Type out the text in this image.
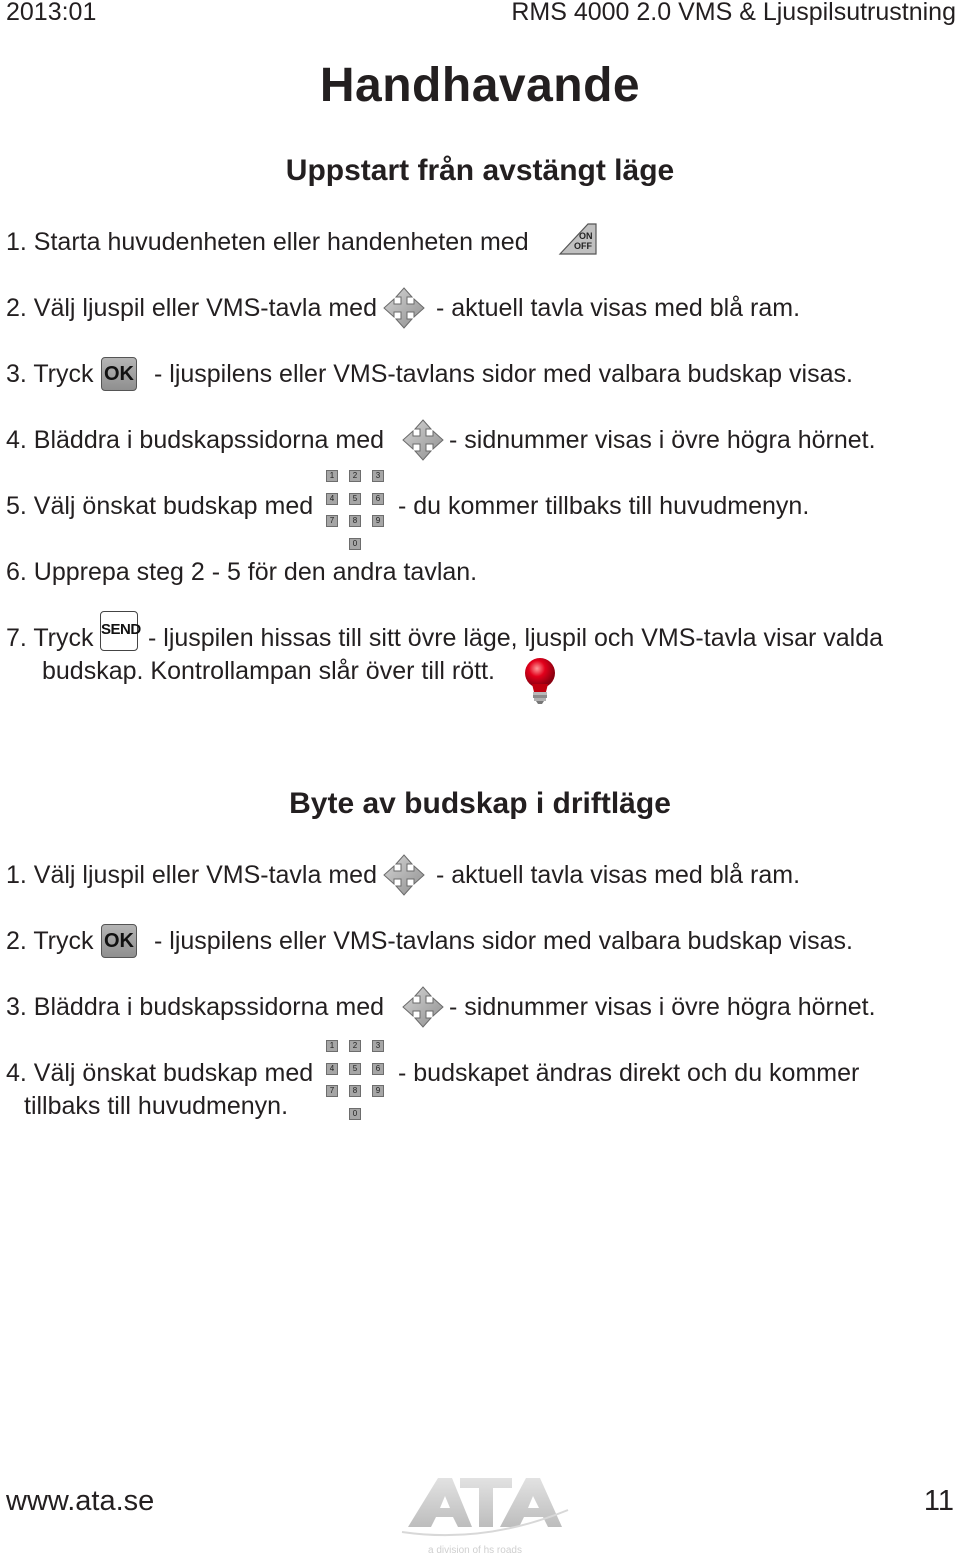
2013:01	RMS 4000 2.0 VMS & Ljuspilsutrustning
Handhavande
Uppstart från avstängt läge
1. Starta huvudenheten eller handenheten med	ON
OFF
2. Välj ljuspil eller VMS-tavla med - aktuell tavla visas med blå ram.
3. Tryck OK - ljuspilens eller VMS-tavlans sidor med valbara budskap visas.
4. Bläddra i budskapssidorna med	- sidnummer visas i övre högra hörnet.
5. Välj önskat budskap med
1	2	3
4	5	6
7	8	9
0
- du kommer tillbaks till huvudmenyn.
6. Upprepa steg 2 - 5 för den andra tavlan.
7. Tryck SEND - ljuspilen hissas till sitt övre läge, ljuspil och VMS-tavla visar valda
budskap. Kontrollampan slår över till rött.
Byte av budskap i driftläge
1. Välj ljuspil eller VMS-tavla med - aktuell tavla visas med blå ram.
2. Tryck OK - ljuspilens eller VMS-tavlans sidor med valbara budskap visas.
3. Bläddra i budskapssidorna med	- sidnummer visas i övre högra hörnet.
4. Välj önskat budskap med
1	2	3
4	5	6
7	8	9
0
- budskapet ändras direkt och du kommer
tillbaks till huvudmenyn.
www.ata.se
a division of hs roads
11
